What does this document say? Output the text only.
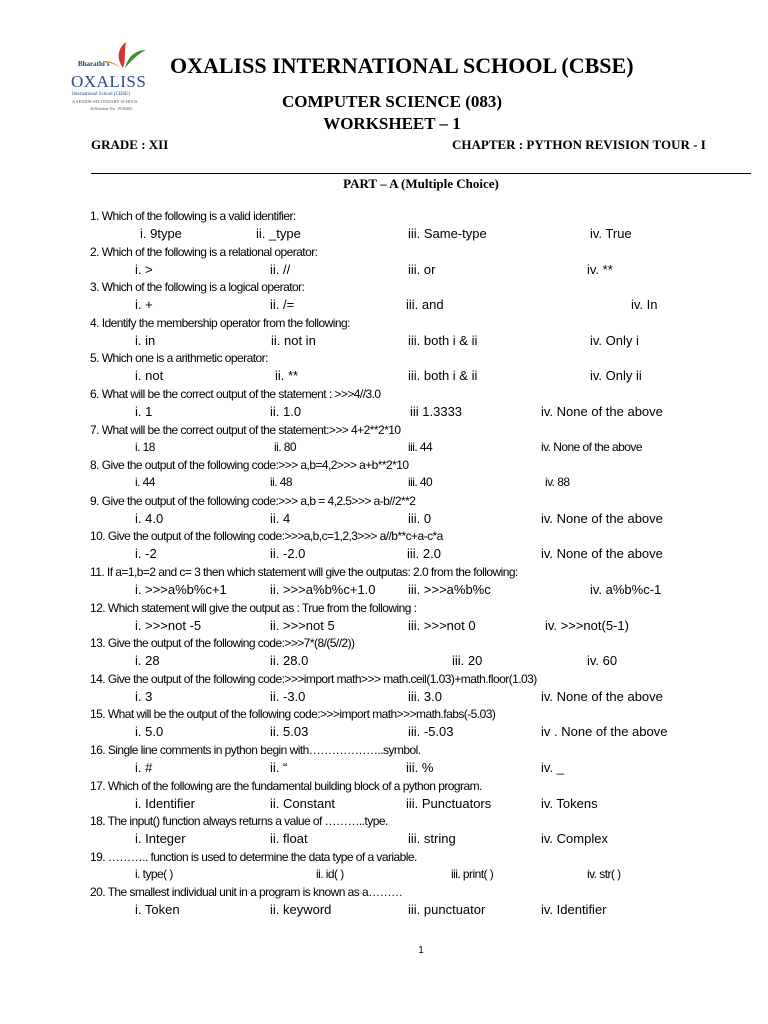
Bharathi's
OXALISS
International School (CBSE)
A SENIOR SECONDARY SCHOOL
Affiliation No. 1930465
OXALISS INTERNATIONAL SCHOOL (CBSE)
COMPUTER SCIENCE (083)
WORKSHEET – 1
GRADE : XII	CHAPTER : PYTHON REVISION TOUR - I
PART – A (Multiple Choice)
1. Which of the following is a valid identifier:
i. 9type	ii. _type	iii. Same-type	iv. True
2. Which of the following is a relational operator:
i. >	ii. //	iii. or	iv. **
3. Which of the following is a logical operator:
i. +	ii. /=	iii. and	iv. In
4. Identify the membership operator from the following:
i. in	ii. not in	iii. both i & ii	iv. Only i
5. Which one is a arithmetic operator:
i. not	ii. **	iii. both i & ii	iv. Only ii
6. What will be the correct output of the statement : >>>4//3.0
i. 1	ii. 1.0	iii 1.3333	iv. None of the above
7. What will be the correct output of the statement:>>> 4+2**2*10
i. 18	ii. 80	iii. 44	iv. None of the above
8. Give the output of the following code:>>> a,b=4,2>>> a+b**2*10
i. 44	ii. 48	iii. 40	iv. 88
9. Give the output of the following code:>>> a,b = 4,2.5>>> a-b//2**2
i. 4.0	ii. 4	iii. 0	iv. None of the above
10. Give the output of the following code:>>>a,b,c=1,2,3>>> a//b**c+a-c*a
i. -2	ii. -2.0	iii. 2.0	iv. None of the above
11. If a=1,b=2 and c= 3 then which statement will give the outputas: 2.0 from the following:
i. >>>a%b%c+1	ii. >>>a%b%c+1.0 iii. >>>a%b%c	iv. a%b%c-1
12. Which statement will give the output as : True from the following :
i. >>>not -5	ii. >>>not 5	iii. >>>not 0	iv. >>>not(5-1)
13. Give the output of the following code:>>>7*(8/(5//2))
i. 28	ii. 28.0	iii. 20	iv. 60
14. Give the output of the following code:>>>import math>>> math.ceil(1.03)+math.floor(1.03)
i. 3	ii. -3.0	iii. 3.0	iv. None of the above
15. What will be the output of the following code:>>>import math>>>math.fabs(-5.03)
i. 5.0	ii. 5.03	iii. -5.03	iv . None of the above
16. Single line comments in python begin with………………..symbol.
i. #	ii. “	iii. %	iv. _
17. Which of the following are the fundamental building block of a python program.
i. Identifier	ii. Constant	iii. Punctuators	iv. Tokens
18. The input() function always returns a value of ………..type.
i. Integer	ii. float	iii. string	iv. Complex
19. ……….. function is used to determine the data type of a variable.
i. type( )	ii. id( )	iii. print( )	iv. str( )
20. The smallest individual unit in a program is known as a………
i. Token	ii. keyword	iii. punctuator	iv. Identifier
1
